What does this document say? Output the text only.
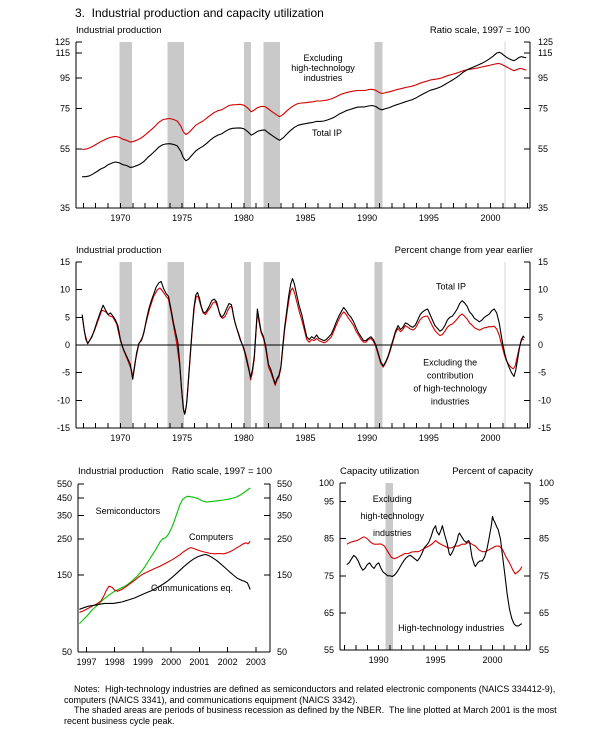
3.  Industrial production and capacity utilization
Industrial production	Ratio scale, 1997 = 100
Industrial production	Percent change from year earlier
Industrial production Ratio scale, 1997 = 100	Capacity utilization	Percent of capacity
35	35
55	55
75	75
95	95
115	115
125	125
1970	1975	1980	1985	1990	1995	2000
Excluding
high-technology
industries
Total IP
-15	-15
-10	-10
-5	-5
0	0
5	5
10	10
15	15
1970	1975	1980	1985	1990	1995	2000
Total IP
Excluding the
contribution
of high-technology
industries
50	50
150	150
250	250
350	350
450	450
550	550
1997 1998 1999 2000 2001 2002 2003
Semiconductors
Computers
Communications eq.
55	55
65	65
75	75
85	85
95	95
100	100
1990	1995	2000
Excluding
high-technology
industries
High-technology industries

Notes:  High-technology industries are defined as semiconductors and related electronic components (NAICS 334412-9), computers (NAICS 3341), and communications equipment (NAICS 3342).

The shaded areas are periods of business recession as defined by the NBER.  The line plotted at March 2001 is the most recent business cycle peak.
